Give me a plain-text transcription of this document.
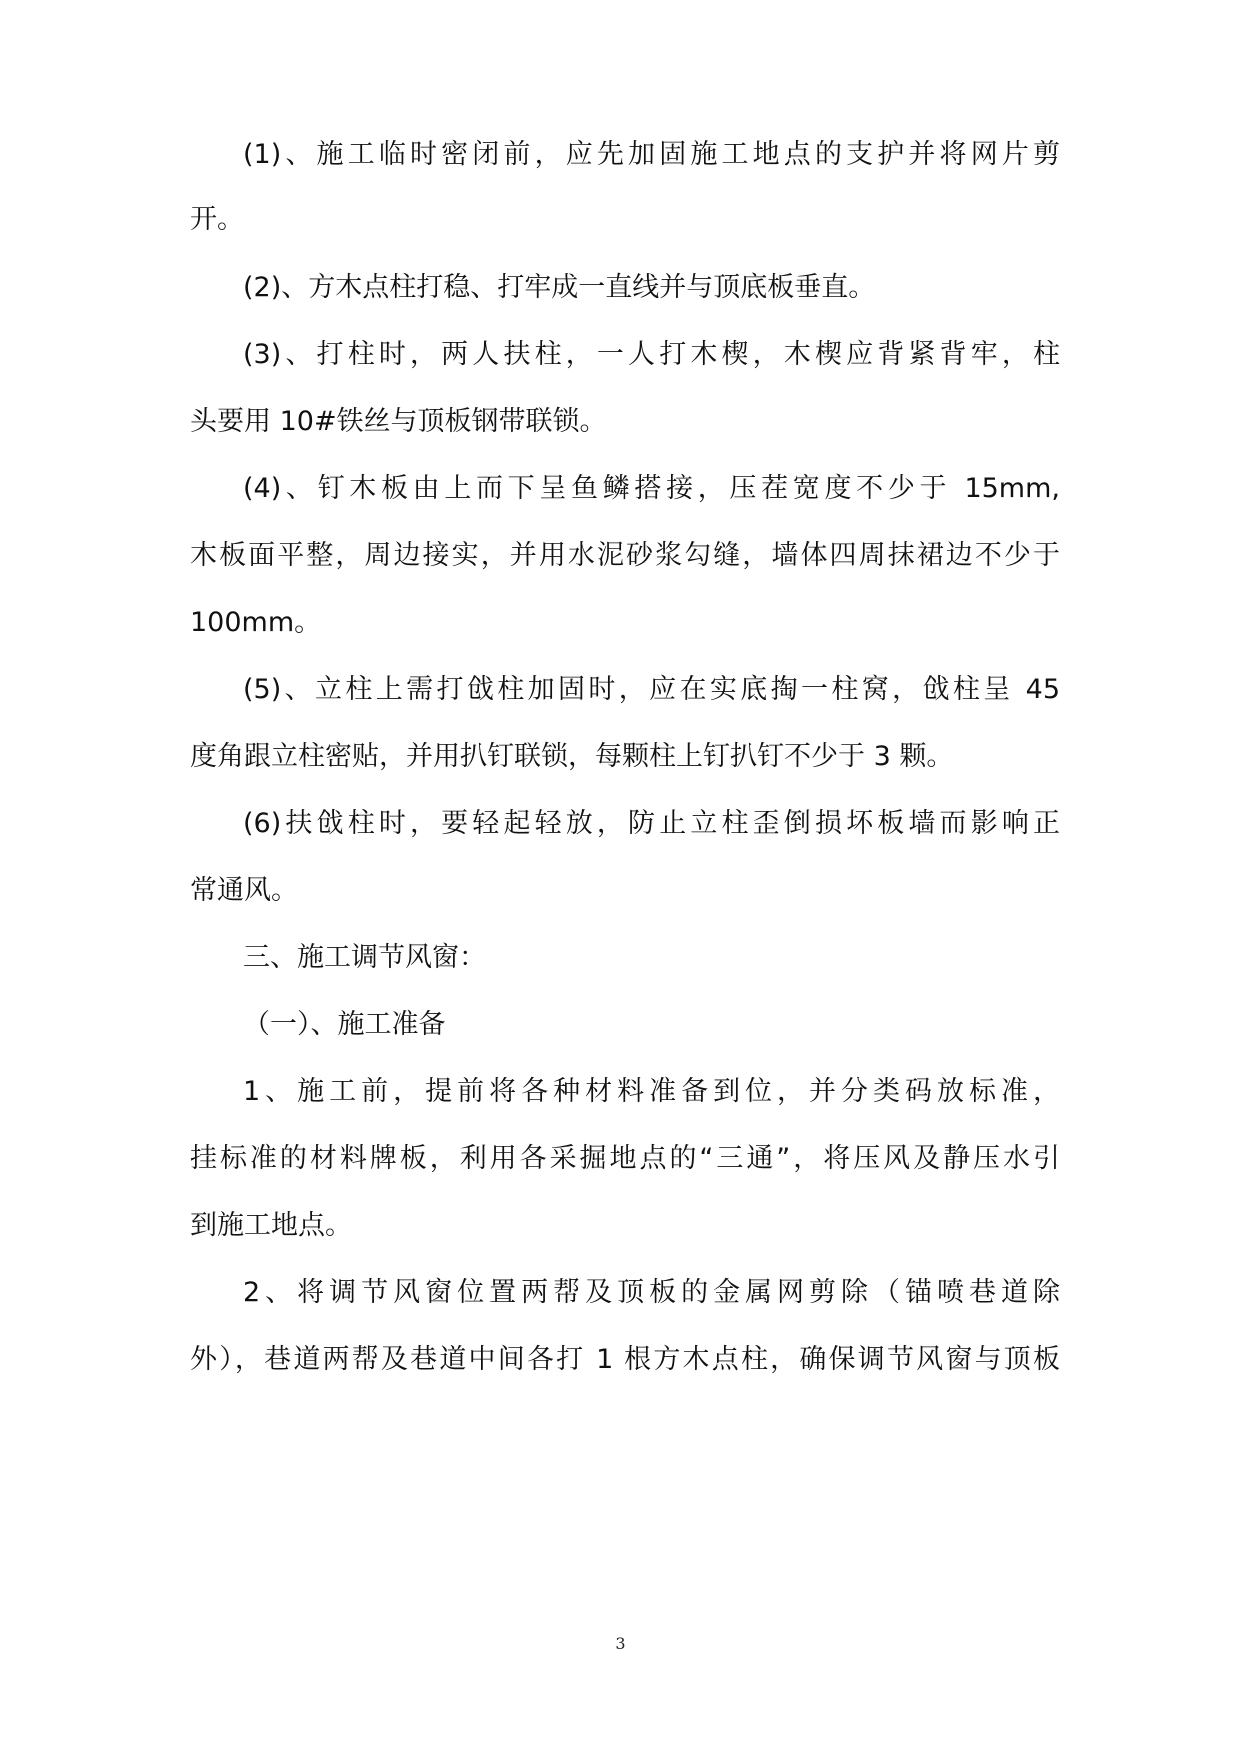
(1)、施工临时密闭前，应先加固施工地点的支护并将网片剪
开。
(2)、方木点柱打稳、打牢成一直线并与顶底板垂直。
(3)、打柱时，两人扶柱，一人打木楔，木楔应背紧背牢，柱
头要用 10#铁丝与顶板钢带联锁。
(4)、钉木板由上而下呈鱼鳞搭接，压茬宽度不少于 15mm,
木板面平整，周边接实，并用水泥砂浆勾缝，墙体四周抹裙边不少于
100mm。
(5)、立柱上需打戗柱加固时，应在实底掏一柱窝，戗柱呈 45
度角跟立柱密贴，并用扒钉联锁，每颗柱上钉扒钉不少于 3 颗。
(6)扶戗柱时，要轻起轻放，防止立柱歪倒损坏板墙而影响正
常通风。
三、施工调节风窗：
（一）、施工准备
1、施工前，提前将各种材料准备到位，并分类码放标准，
挂标准的材料牌板，利用各采掘地点的“三通”，将压风及静压水引
到施工地点。
2、将调节风窗位置两帮及顶板的金属网剪除（锚喷巷道除
外），巷道两帮及巷道中间各打 1 根方木点柱，确保调节风窗与顶板
3
